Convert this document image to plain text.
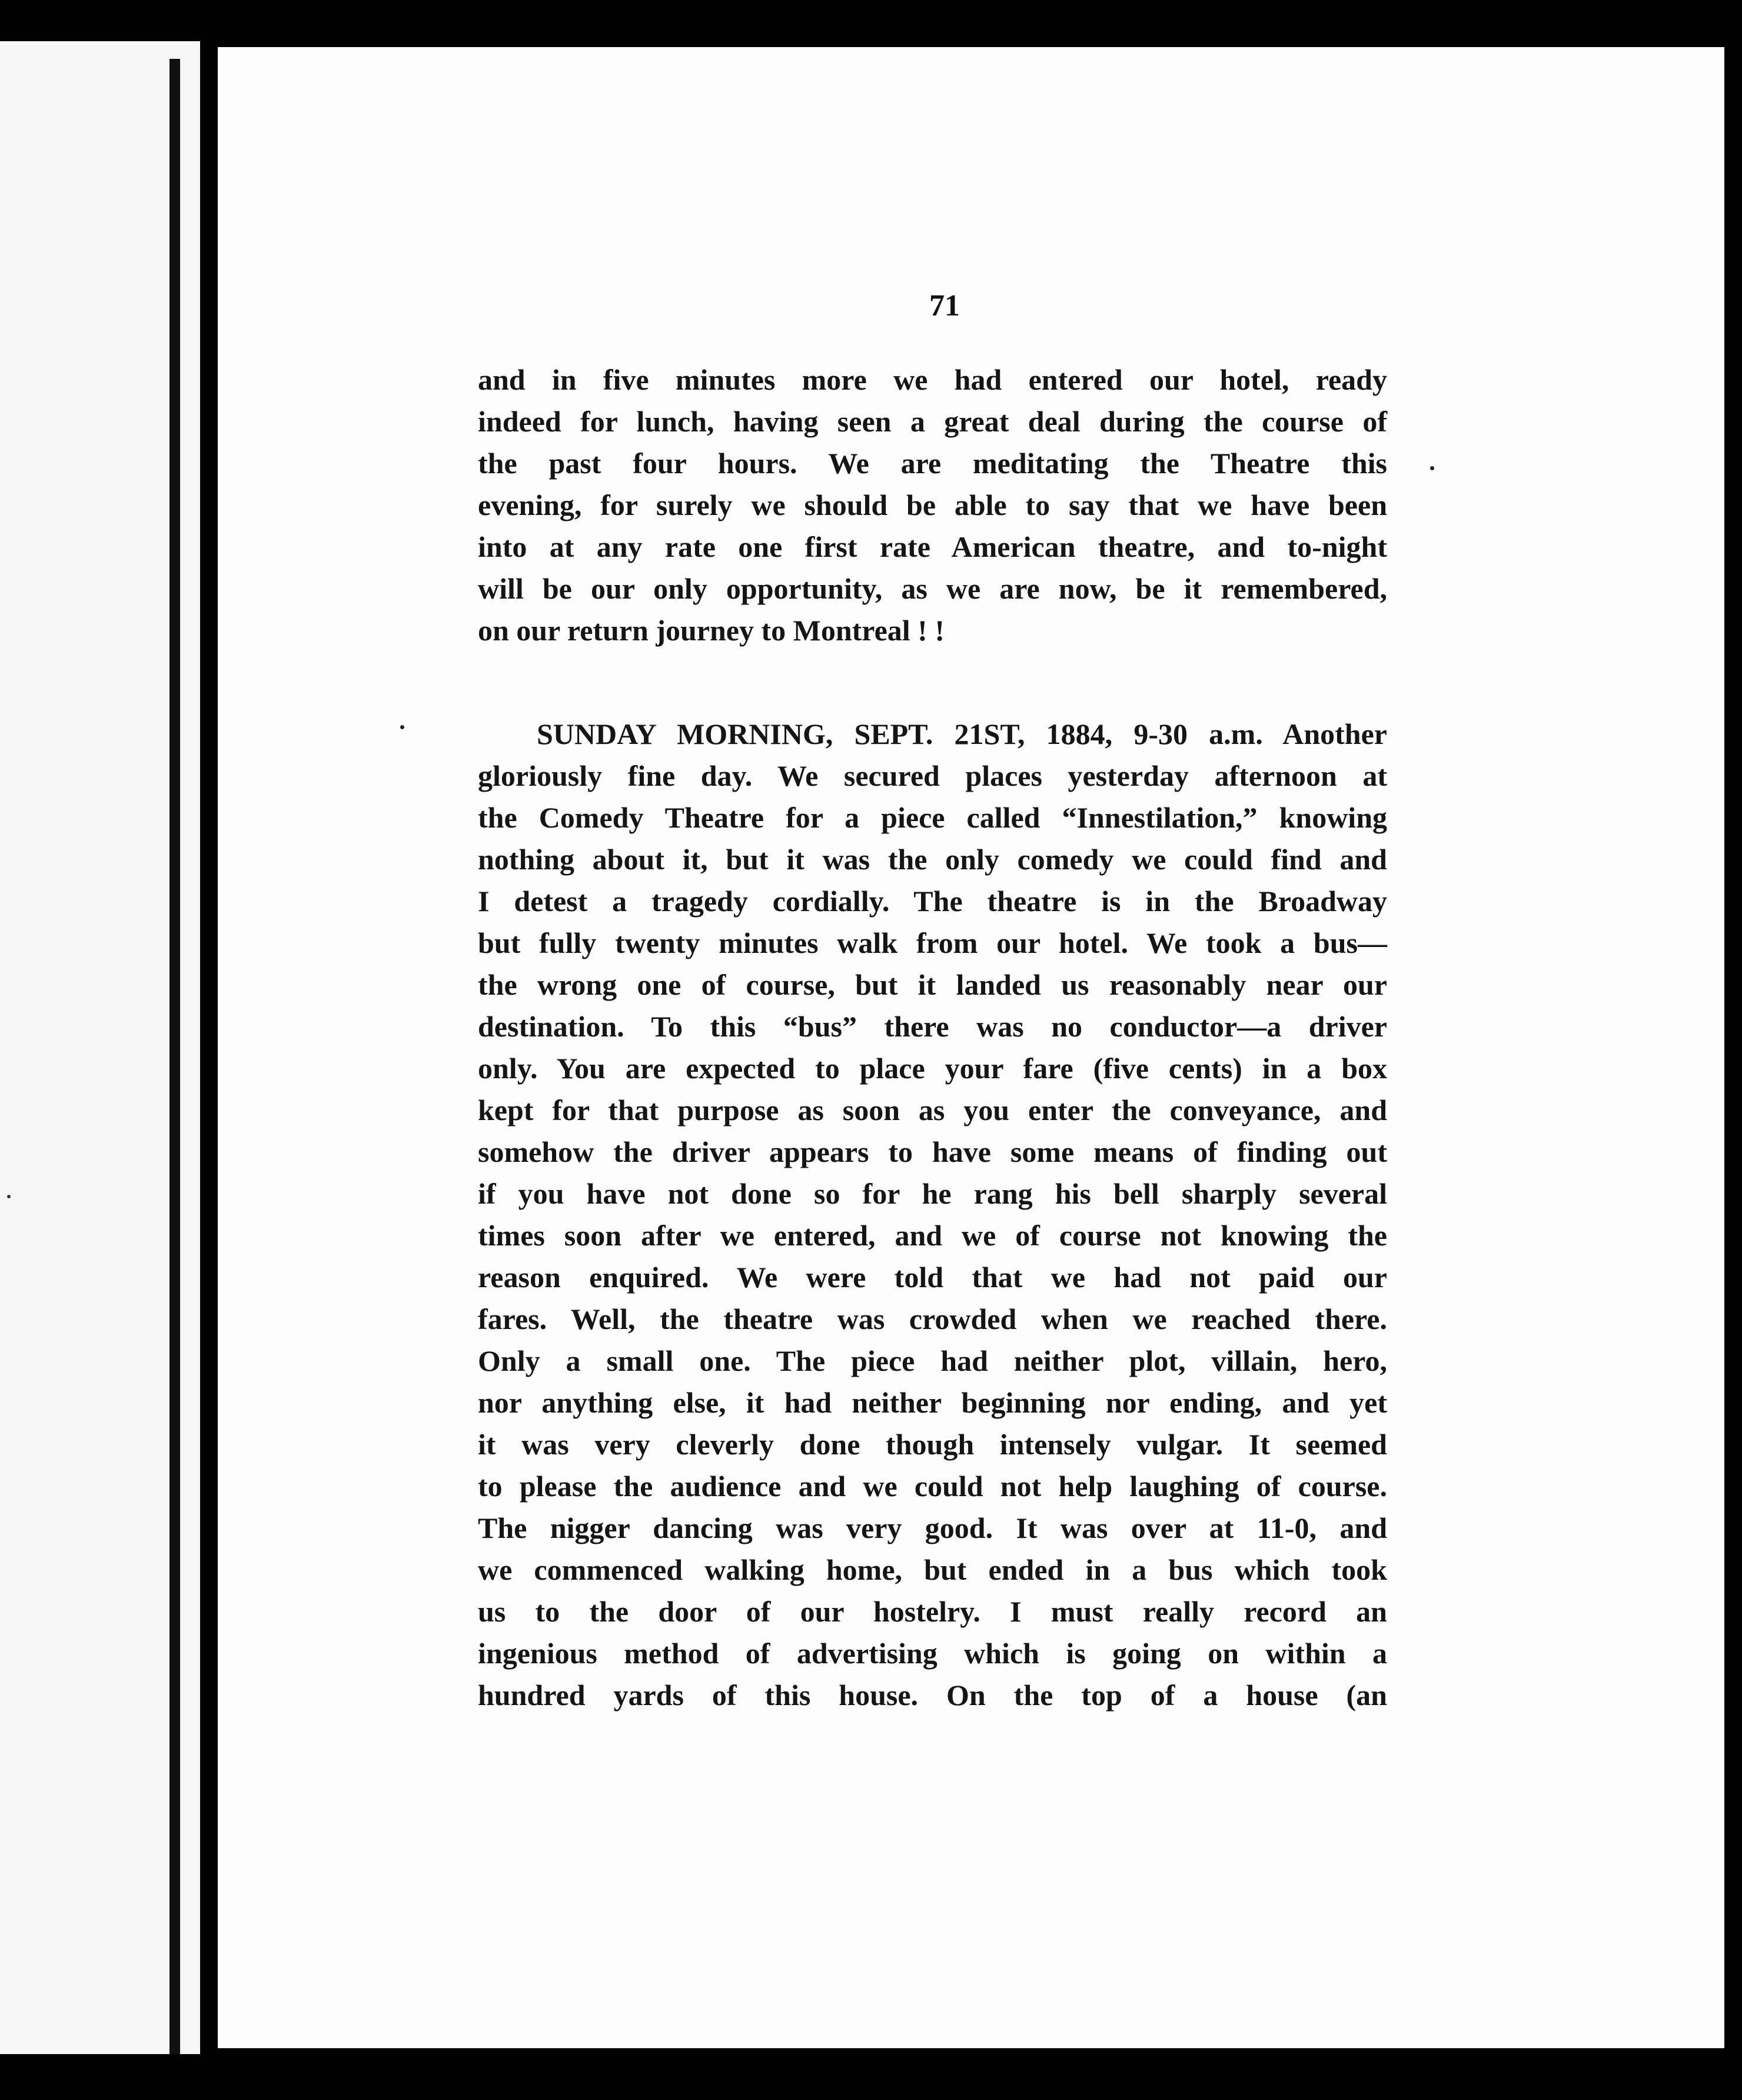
71
and in five minutes more we had entered our hotel, ready
indeed for lunch, having seen a great deal during the course of
the past four hours. We are meditating the Theatre this
evening, for surely we should be able to say that we have been
into at any rate one first rate American theatre, and to-night
will be our only opportunity, as we are now, be it remembered,
on our return journey to Montreal ! !
SUNDAY MORNING, SEPT. 21ST, 1884, 9-30 a.m. Another
gloriously fine day. We secured places yesterday afternoon at
the Comedy Theatre for a piece called “Innestilation,” knowing
nothing about it, but it was the only comedy we could find and
I detest a tragedy cordially. The theatre is in the Broadway
but fully twenty minutes walk from our hotel. We took a bus—
the wrong one of course, but it landed us reasonably near our
destination. To this “bus” there was no conductor—a driver
only. You are expected to place your fare (five cents) in a box
kept for that purpose as soon as you enter the conveyance, and
somehow the driver appears to have some means of finding out
if you have not done so for he rang his bell sharply several
times soon after we entered, and we of course not knowing the
reason enquired. We were told that we had not paid our
fares. Well, the theatre was crowded when we reached there.
Only a small one. The piece had neither plot, villain, hero,
nor anything else, it had neither beginning nor ending, and yet
it was very cleverly done though intensely vulgar. It seemed
to please the audience and we could not help laughing of course.
The nigger dancing was very good. It was over at 11-0, and
we commenced walking home, but ended in a bus which took
us to the door of our hostelry. I must really record an
ingenious method of advertising which is going on within a
hundred yards of this house. On the top of a house (an
